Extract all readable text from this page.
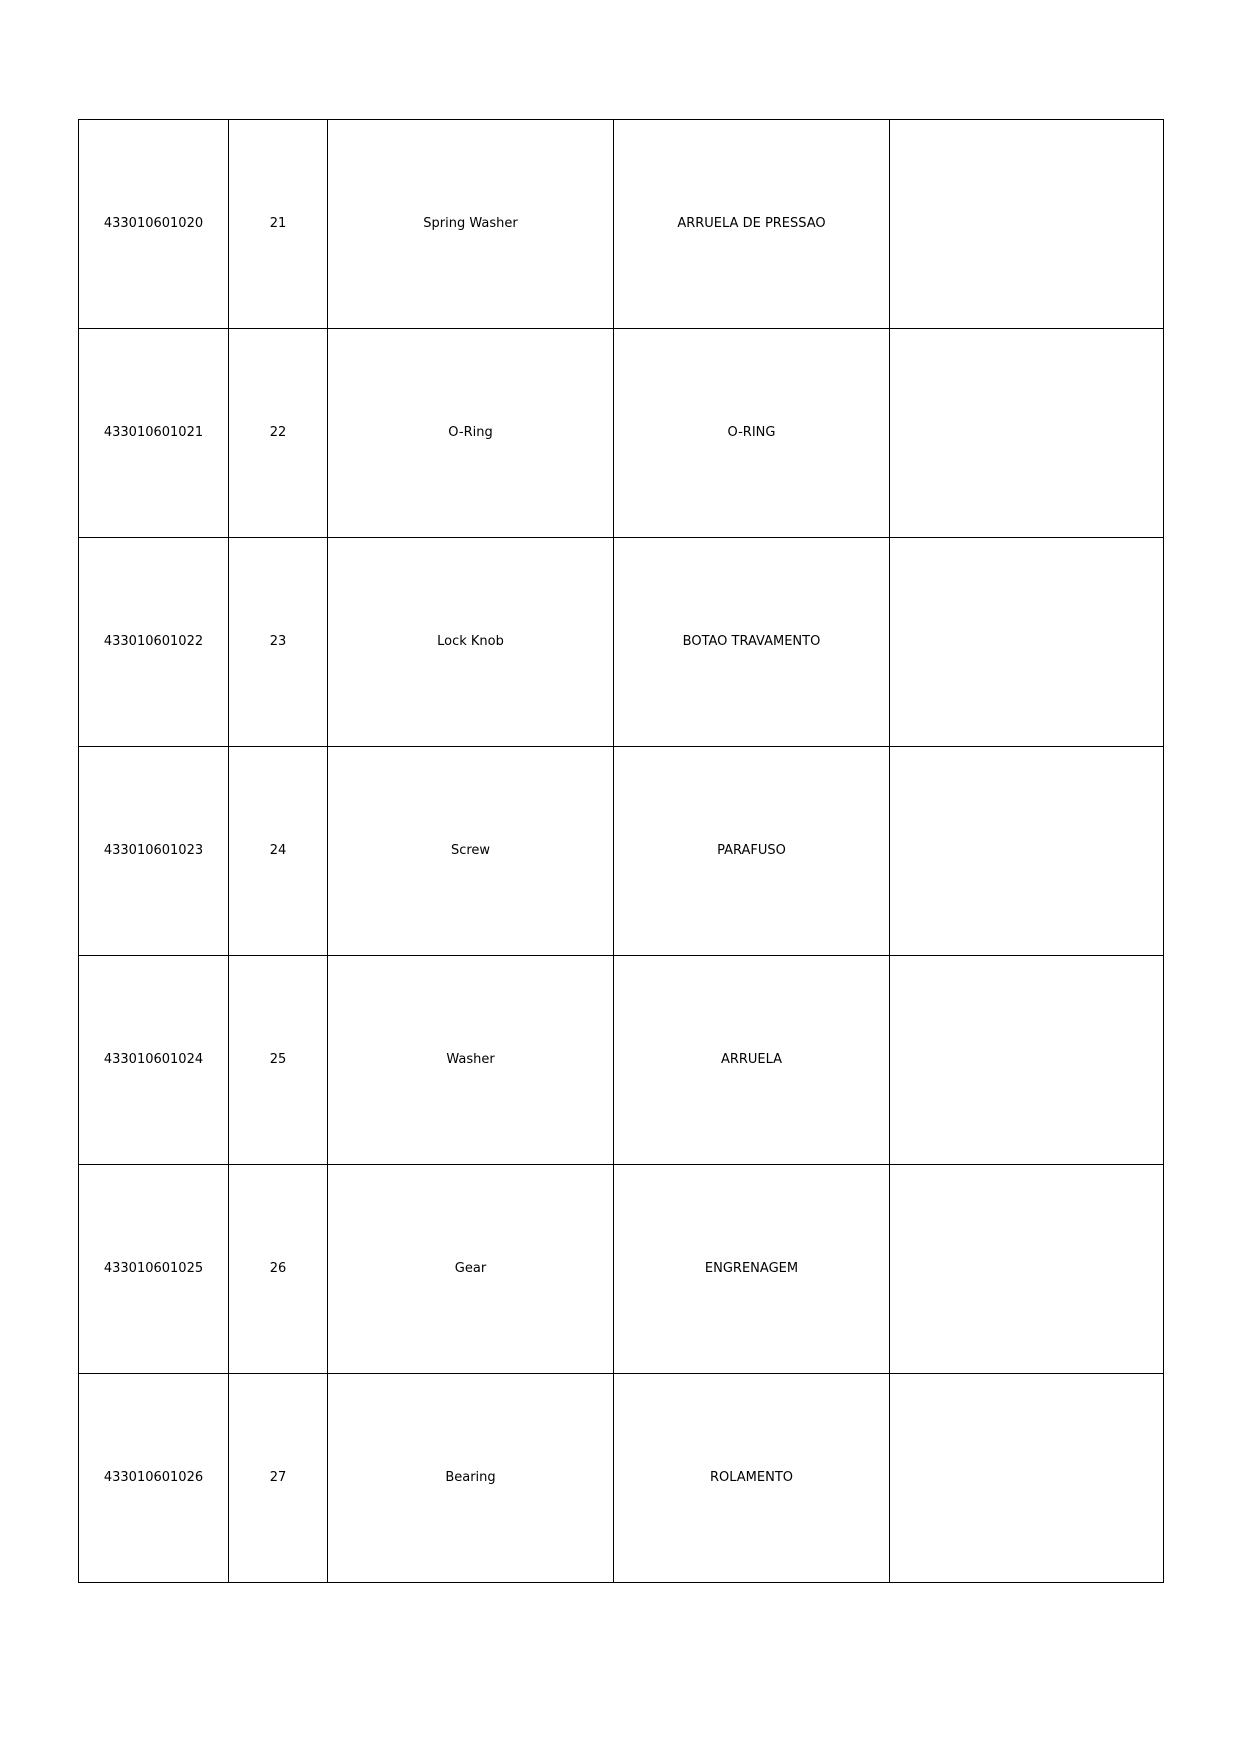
433010601020	21	Spring Washer	ARRUELA DE PRESSAO	
433010601021	22	O-Ring	O-RING	
433010601022	23	Lock Knob	BOTAO TRAVAMENTO	
433010601023	24	Screw	PARAFUSO	
433010601024	25	Washer	ARRUELA	
433010601025	26	Gear	ENGRENAGEM	
433010601026	27	Bearing	ROLAMENTO	
